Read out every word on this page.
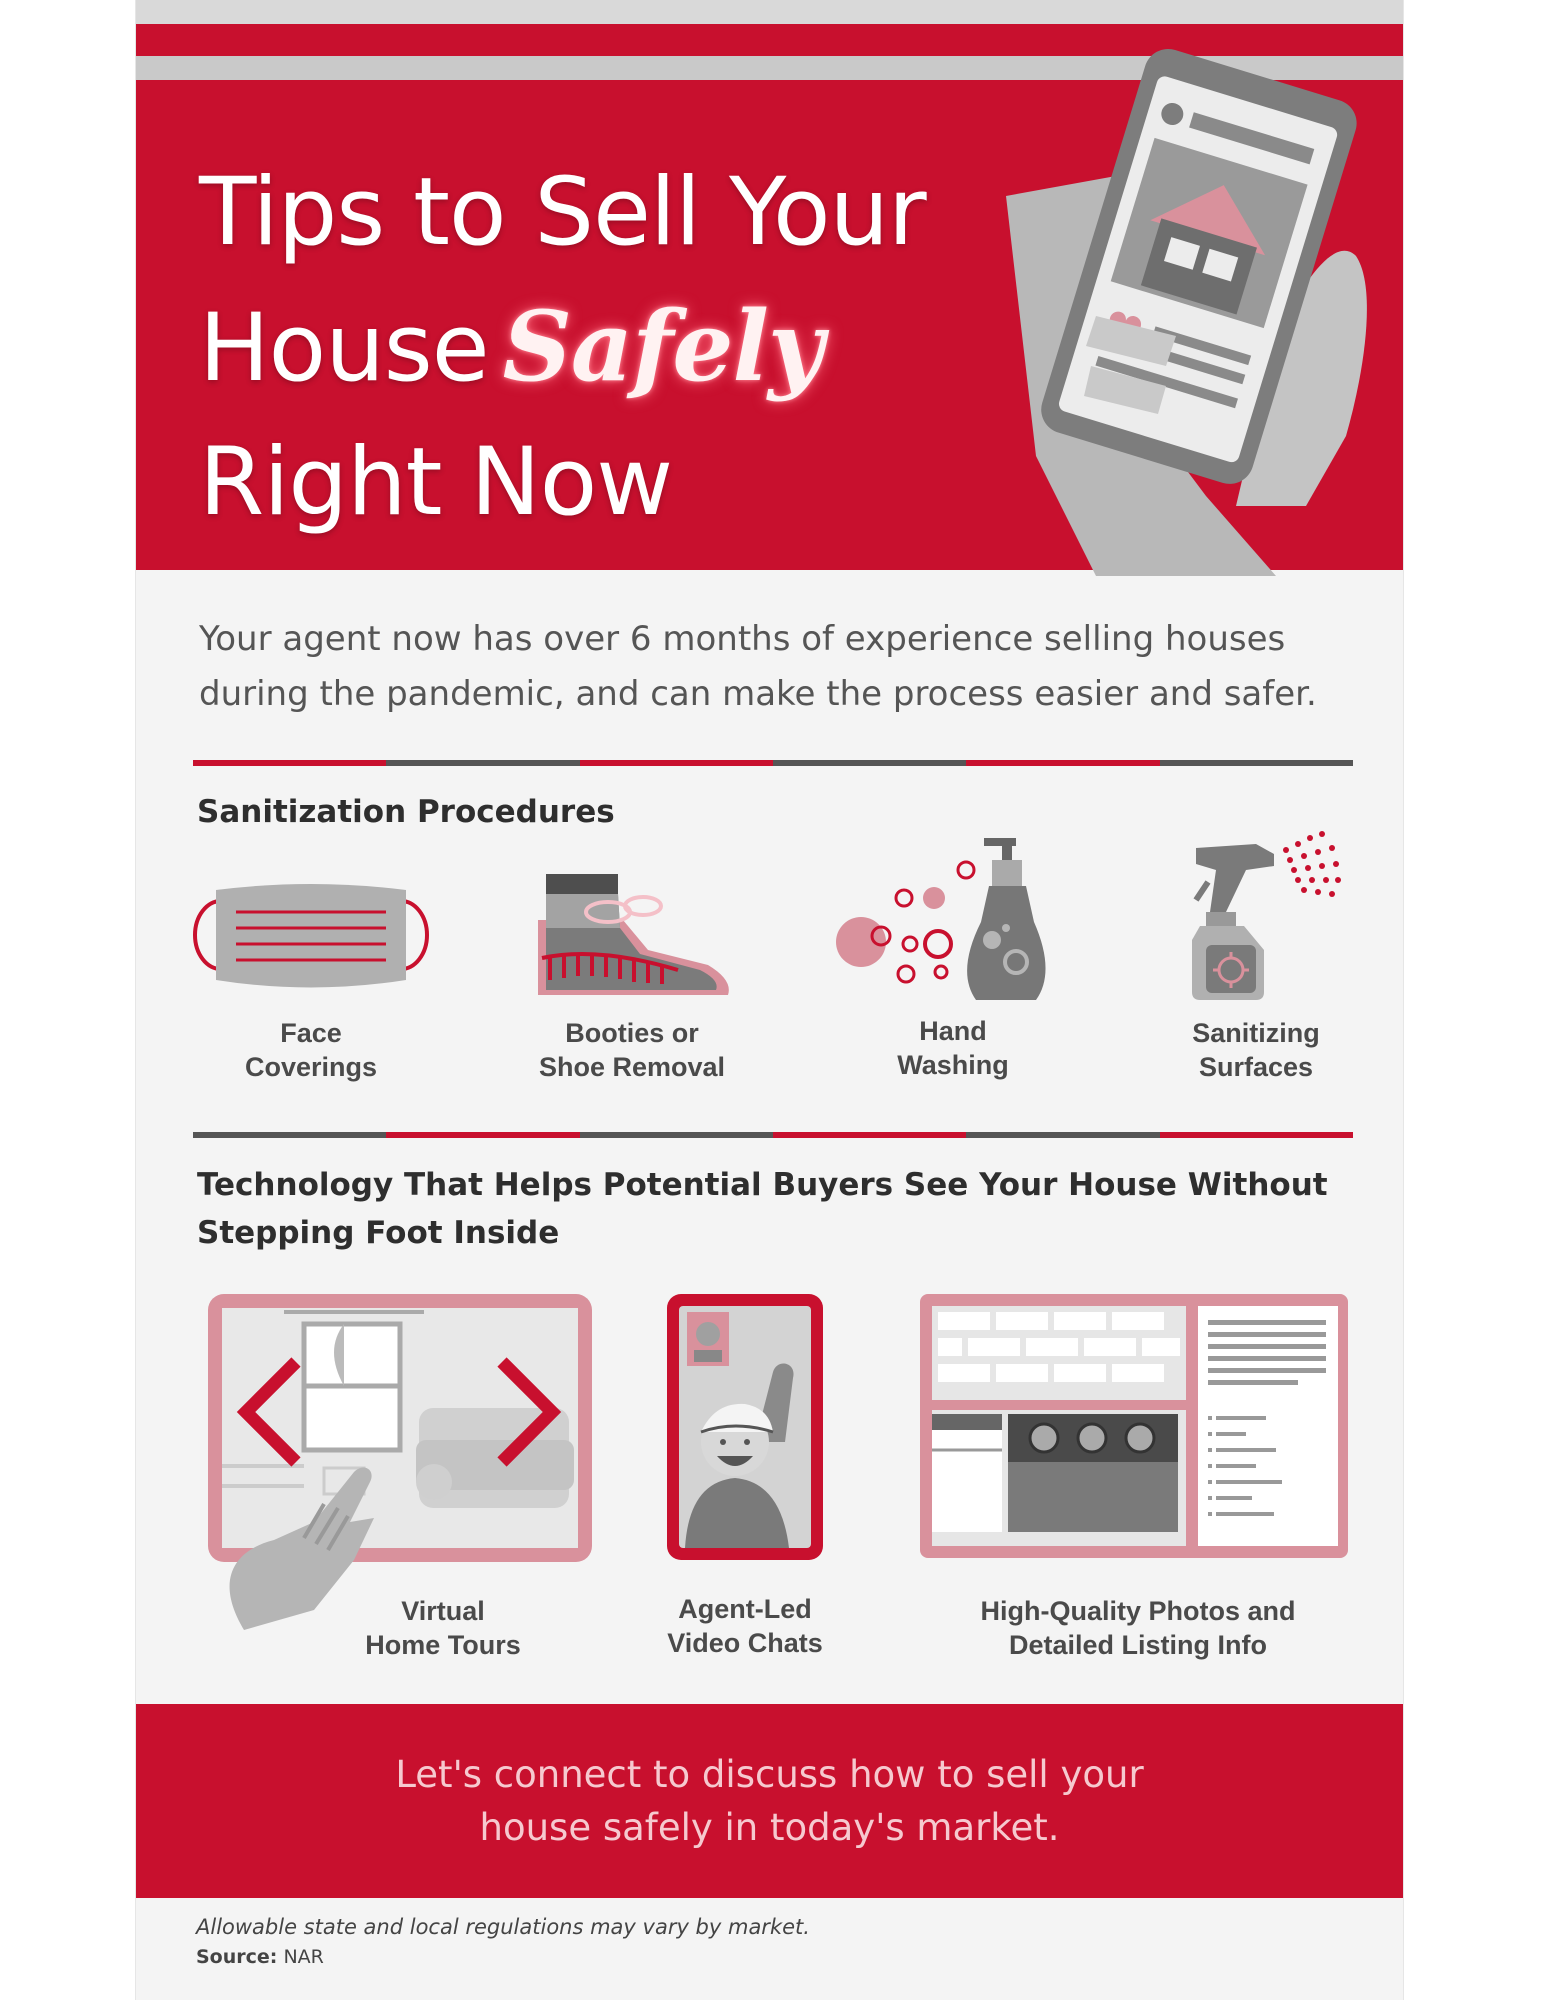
Tips to Sell Your
House Safely
Right Now
Your agent now has over 6 months of experience selling houses
during the pandemic, and can make the process easier and safer.
Sanitization Procedures
Face
Coverings
Booties or
Shoe Removal
Hand
Washing
Sanitizing
Surfaces
Technology That Helps Potential Buyers See Your House Without
Stepping Foot Inside
Virtual
Home Tours
Agent-Led
Video Chats
High-Quality Photos and
Detailed Listing Info
Let's connect to discuss how to sell your
house safely in today's market.
Allowable state and local regulations may vary by market.
Source: NAR
